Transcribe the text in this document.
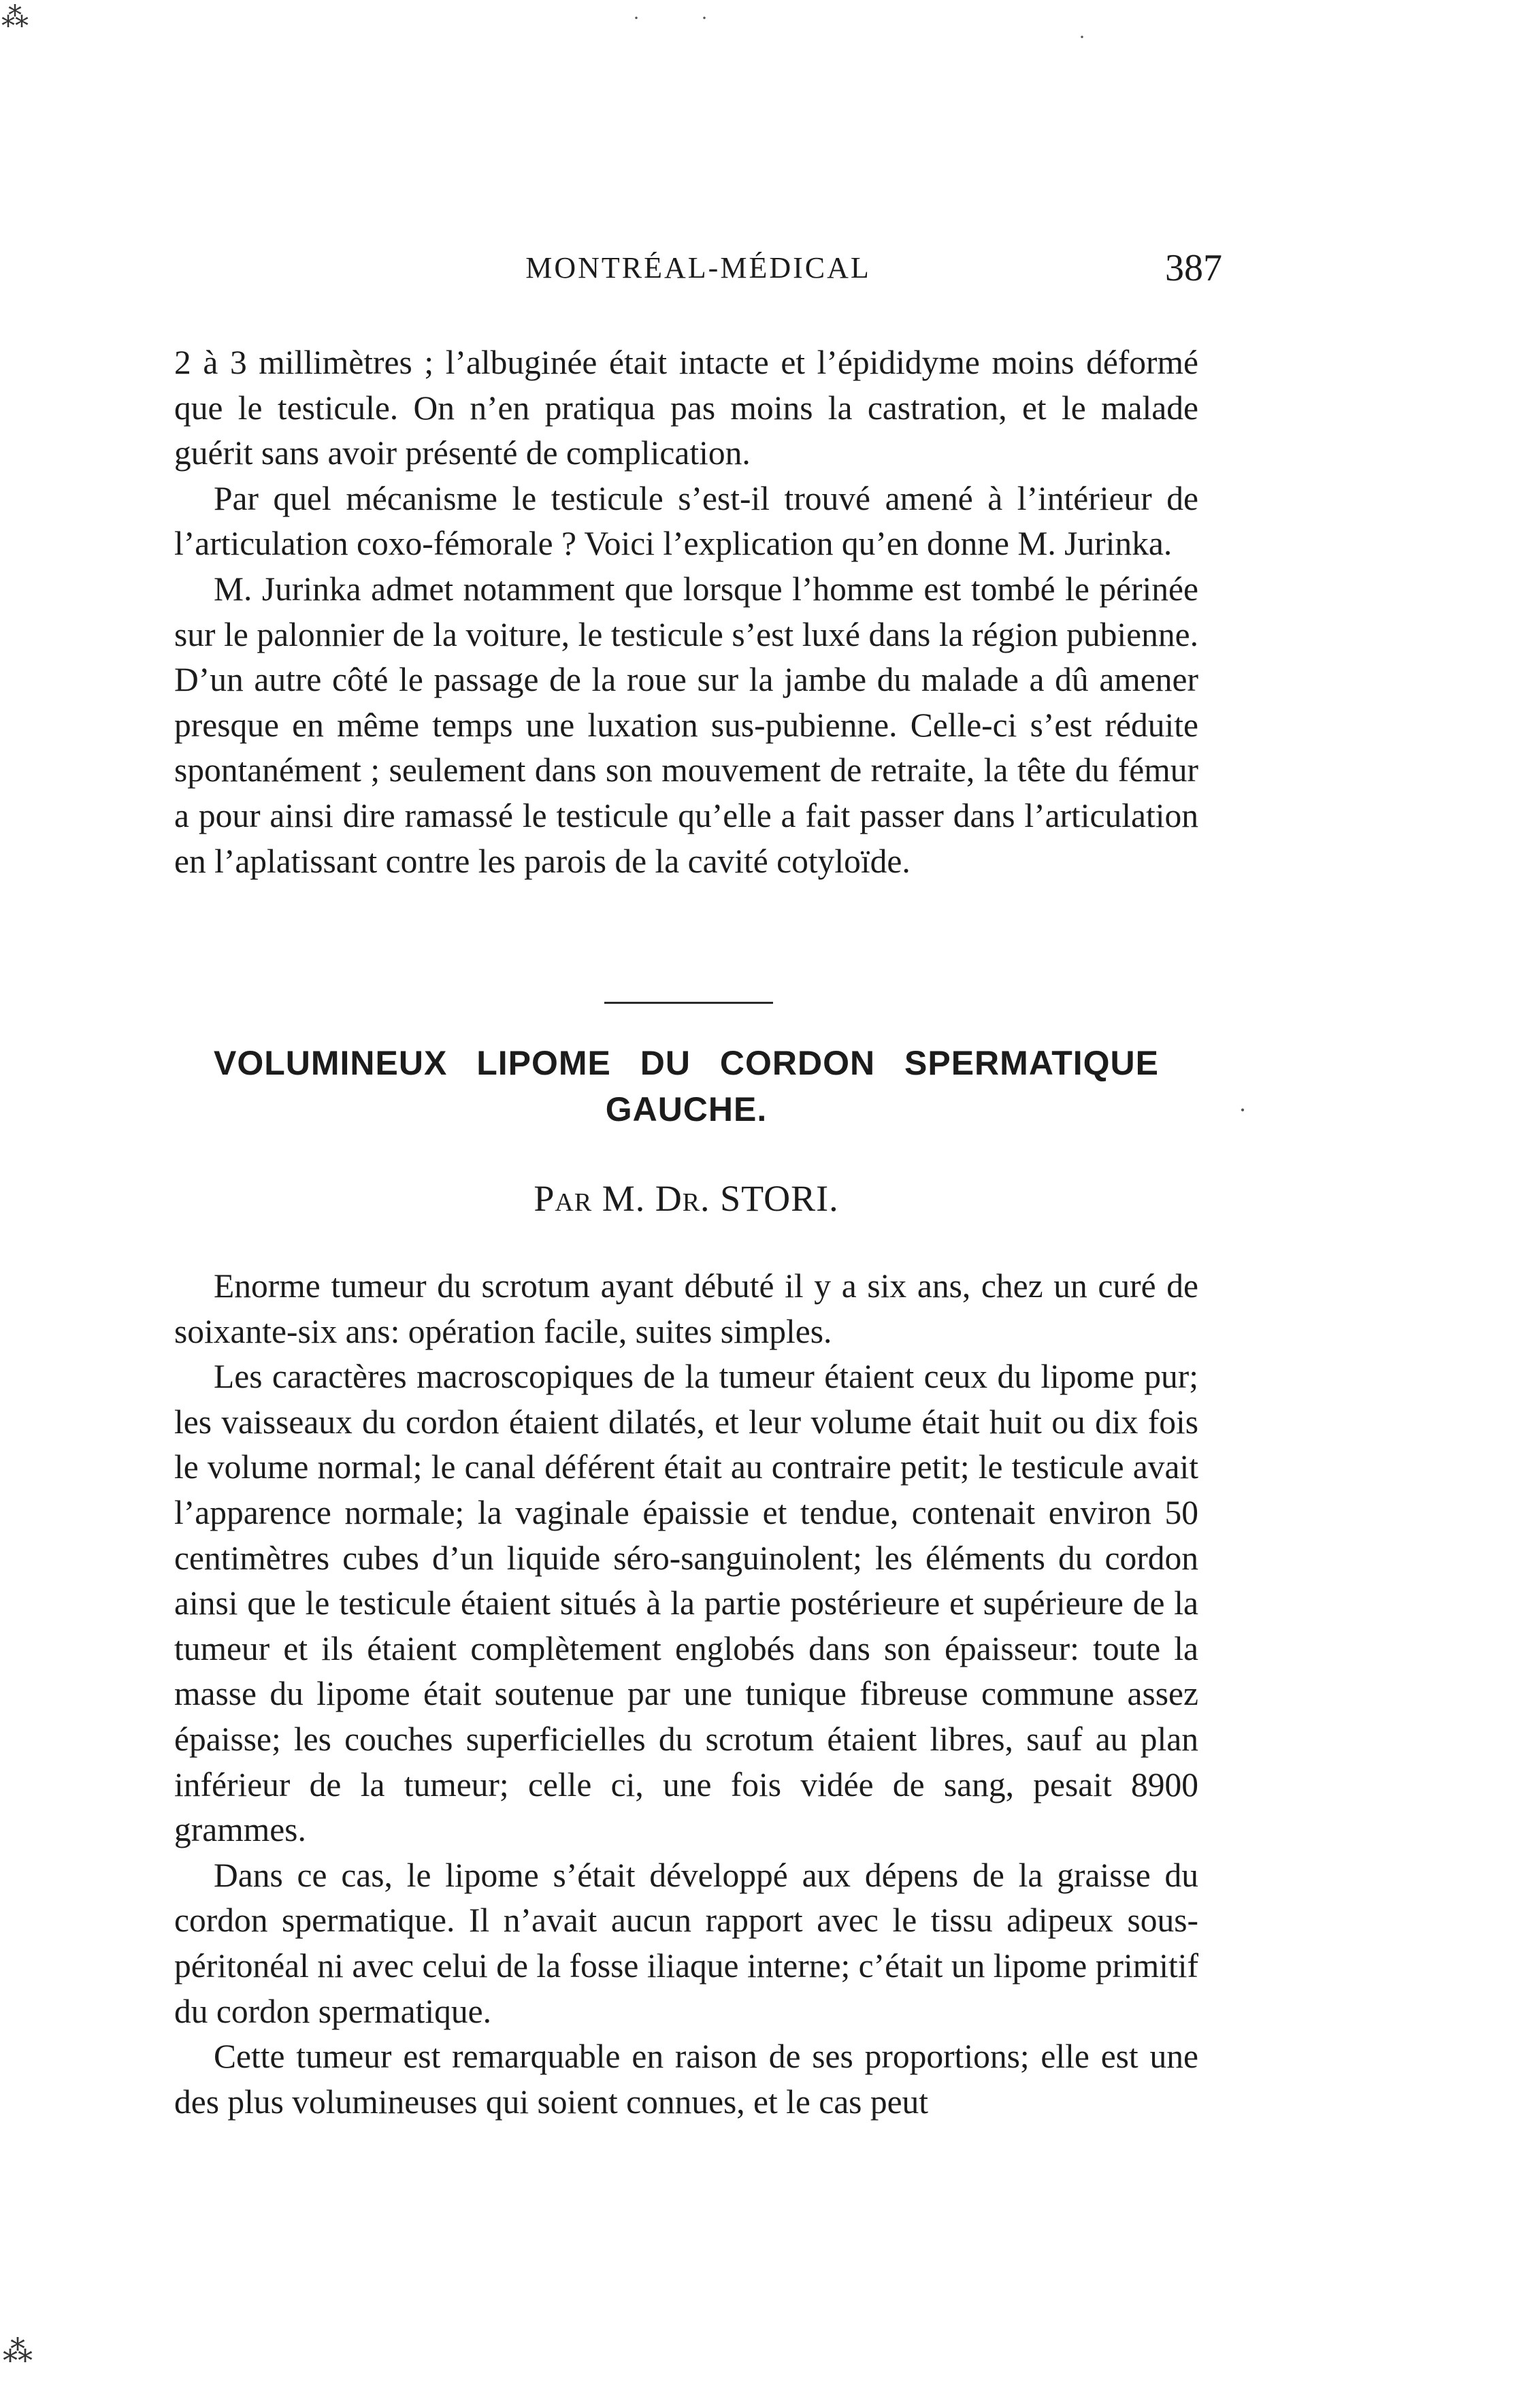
⁂	·	·
·
·
⁂
MONTRÉAL-MÉDICAL	387

2 à 3 millimètres ; l’albuginée était intacte et l’épididyme moins déformé que le testicule. On n’en pratiqua pas moins la castration, et le malade guérit sans avoir présenté de complication.

Par quel mécanisme le testicule s’est-il trouvé amené à l’intérieur de l’articulation coxo-fémorale ? Voici l’explication qu’en donne M. Jurinka.

M. Jurinka admet notamment que lorsque l’homme est tombé le périnée sur le palonnier de la voiture, le testicule s’est luxé dans la région pubienne. D’un autre côté le passage de la roue sur la jambe du malade a dû amener presque en même temps une luxation sus-pubienne. Celle-ci s’est réduite spontanément ; seulement dans son mouvement de retraite, la tête du fémur a pour ainsi dire ramassé le testicule qu’elle a fait passer dans l’articulation en l’aplatissant contre les parois de la cavité cotyloïde.

VOLUMINEUX LIPOME DU CORDON SPERMATIQUE
GAUCHE.

Par M. Dr. STORI.

Enorme tumeur du scrotum ayant débuté il y a six ans, chez un curé de soixante-six ans: opération facile, suites simples.

Les caractères macroscopiques de la tumeur étaient ceux du lipome pur; les vaisseaux du cordon étaient dilatés, et leur volume était huit ou dix fois le volume normal; le canal déférent était au contraire petit; le testicule avait l’apparence normale; la vaginale épaissie et tendue, contenait environ 50 centimètres cubes d’un liquide séro-sanguinolent; les éléments du cordon ainsi que le testicule étaient situés à la partie postérieure et supérieure de la tumeur et ils étaient complètement englobés dans son épaisseur: toute la masse du lipome était soutenue par une tunique fibreuse commune assez épaisse; les couches superficielles du scrotum étaient libres, sauf au plan inférieur de la tumeur; celle ci, une fois vidée de sang, pesait 8900 grammes.

Dans ce cas, le lipome s’était développé aux dépens de la graisse du cordon spermatique. Il n’avait aucun rapport avec le tissu adipeux sous-péritonéal ni avec celui de la fosse iliaque interne; c’était un lipome primitif du cordon spermatique.

Cette tumeur est remarquable en raison de ses proportions; elle est une des plus volumineuses qui soient connues, et le cas peut
